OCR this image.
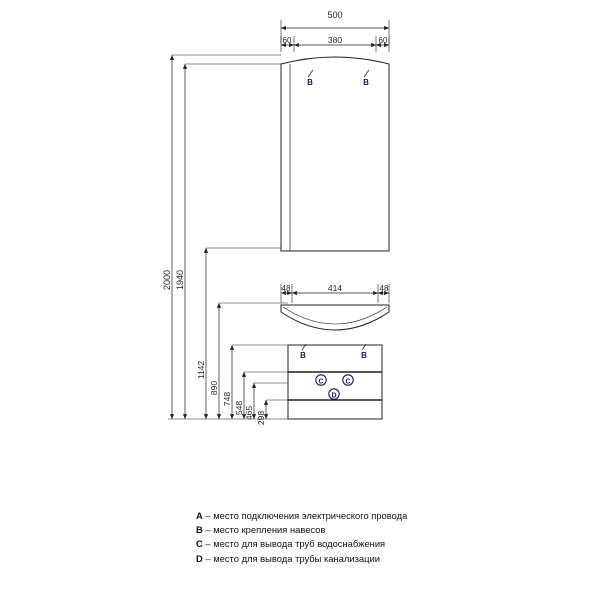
500
60	380	60
48	414	48
2000 1940
1142
890
748
548 465 298
B	B
B	B
C	C
D
A – место подключения электрического провода
B – место крепления навесов
C – место для вывода труб водоснабжения
D – место для вывода трубы канализации
